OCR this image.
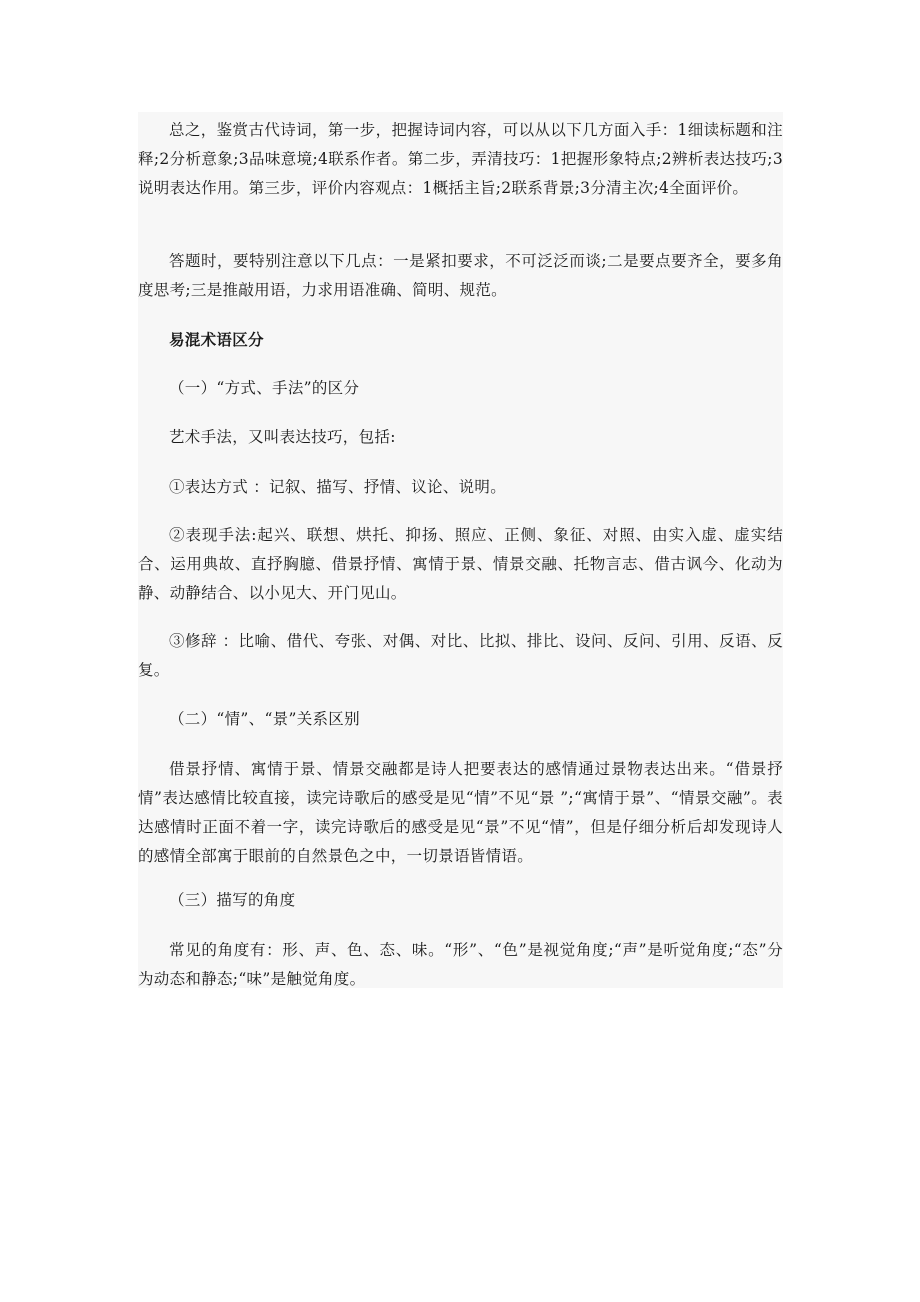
总之，鉴赏古代诗词，第一步，把握诗词内容，可以从以下几方面入手：1细读标题和注释;2分析意象;3品味意境;4联系作者。第二步，弄清技巧：1把握形象特点;2辨析表达技巧;3说明表达作用。第三步，评价内容观点：1概括主旨;2联系背景;3分清主次;4全面评价。

答题时，要特别注意以下几点：一是紧扣要求，不可泛泛而谈;二是要点要齐全，要多角度思考;三是推敲用语，力求用语准确、简明、规范。

易混术语区分

（一）“方式、手法”的区分

艺术手法，又叫表达技巧，包括:

①表达方式 ：记叙、描写、抒情、议论、说明。

②表现手法:起兴、联想、烘托、抑扬、照应、正侧、象征、对照、由实入虚、虚实结合、运用典故、直抒胸臆、借景抒情、寓情于景、情景交融、托物言志、借古讽今、化动为静、动静结合、以小见大、开门见山。

③修辞 ：比喻、借代、夸张、对偶、对比、比拟、排比、设问、反问、引用、反语、反复。

（二）“情”、“景”关系区别

借景抒情、寓情于景、情景交融都是诗人把要表达的感情通过景物表达出来。“借景抒情”表达感情比较直接，读完诗歌后的感受是见“情”不见“景 ”;“寓情于景”、“情景交融”。表达感情时正面不着一字，读完诗歌后的感受是见“景”不见“情”，但是仔细分析后却发现诗人的感情全部寓于眼前的自然景色之中，一切景语皆情语。

（三）描写的角度

常见的角度有：形、声、色、态、味。“形”、“色”是视觉角度;“声”是听觉角度;“态”分为动态和静态;“味”是触觉角度。
